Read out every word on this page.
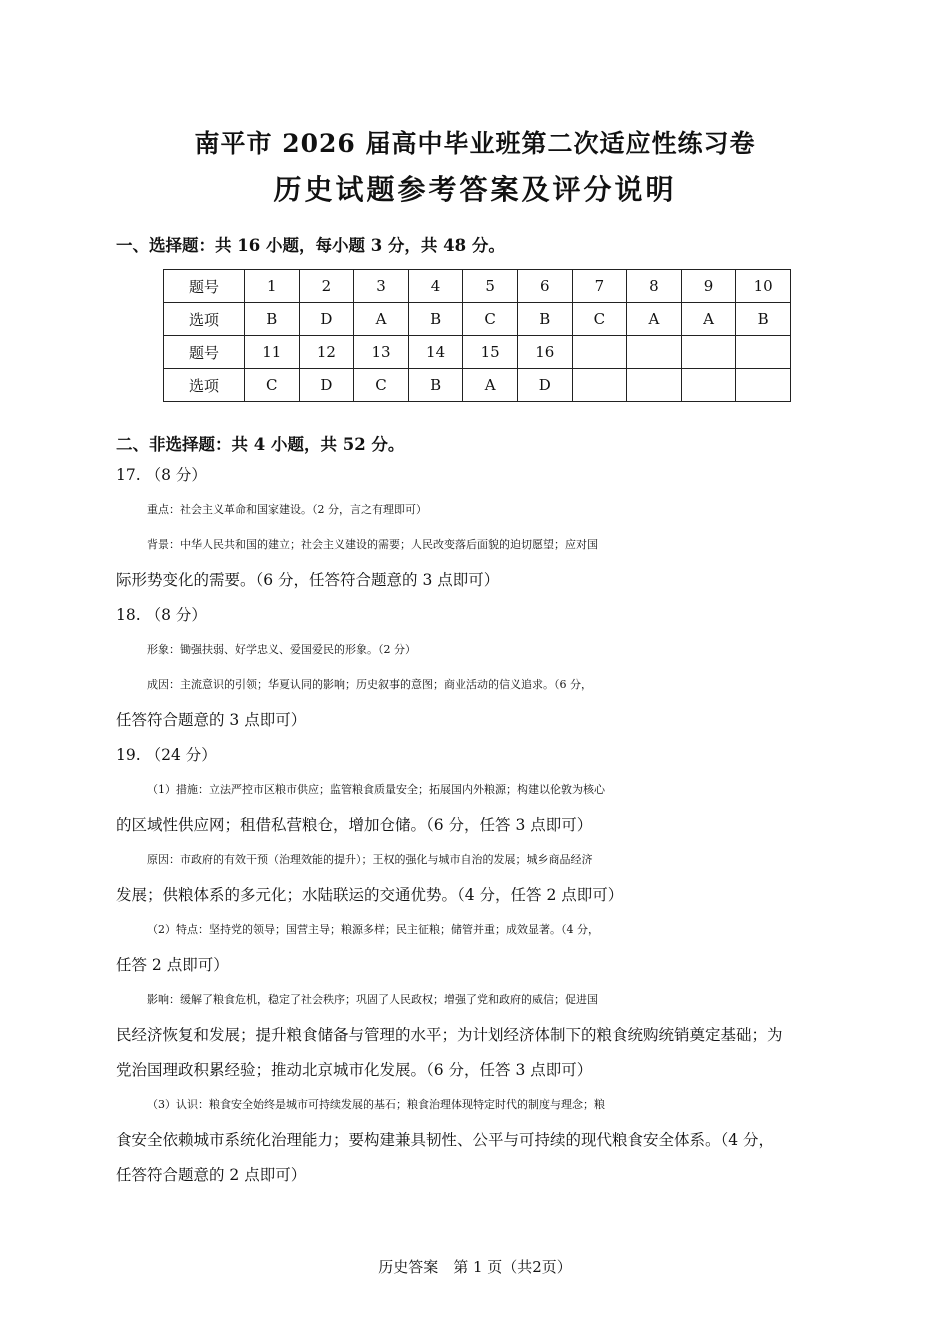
南平市 2026 届高中毕业班第二次适应性练习卷
历史试题参考答案及评分说明
一、选择题：共 16 小题，每小题 3 分，共 48 分。
题号	1	2	3	4	5	6	7	8	9	10
选项	B	D	A	B	C	B	C	A	A	B
题号	11	12	13	14	15	16				
选项	C	D	C	B	A	D				
二、非选择题：共 4 小题，共 52 分。
17. （8 分）
重点：社会主义革命和国家建设。（2 分，言之有理即可）
背景：中华人民共和国的建立；社会主义建设的需要；人民改变落后面貌的迫切愿望；应对国
际形势变化的需要。（6 分，任答符合题意的 3 点即可）
18. （8 分）
形象：锄强扶弱、好学忠义、爱国爱民的形象。（2 分）
成因：主流意识的引领；华夏认同的影响；历史叙事的意图；商业活动的信义追求。（6 分，
任答符合题意的 3 点即可）
19. （24 分）
（1）措施：立法严控市区粮市供应；监管粮食质量安全；拓展国内外粮源；构建以伦敦为核心
的区域性供应网；租借私营粮仓，增加仓储。（6 分，任答 3 点即可）
原因：市政府的有效干预（治理效能的提升）；王权的强化与城市自治的发展；城乡商品经济
发展；供粮体系的多元化；水陆联运的交通优势。（4 分，任答 2 点即可）
（2）特点：坚持党的领导；国营主导；粮源多样；民主征粮；储管并重；成效显著。（4 分，
任答 2 点即可）
影响：缓解了粮食危机，稳定了社会秩序；巩固了人民政权；增强了党和政府的威信；促进国
民经济恢复和发展；提升粮食储备与管理的水平；为计划经济体制下的粮食统购统销奠定基础；为
党治国理政积累经验；推动北京城市化发展。（6 分，任答 3 点即可）
（3）认识：粮食安全始终是城市可持续发展的基石；粮食治理体现特定时代的制度与理念；粮
食安全依赖城市系统化治理能力；要构建兼具韧性、公平与可持续的现代粮食安全体系。（4 分，
任答符合题意的 2 点即可）
历史答案　第 1 页（共2页）
